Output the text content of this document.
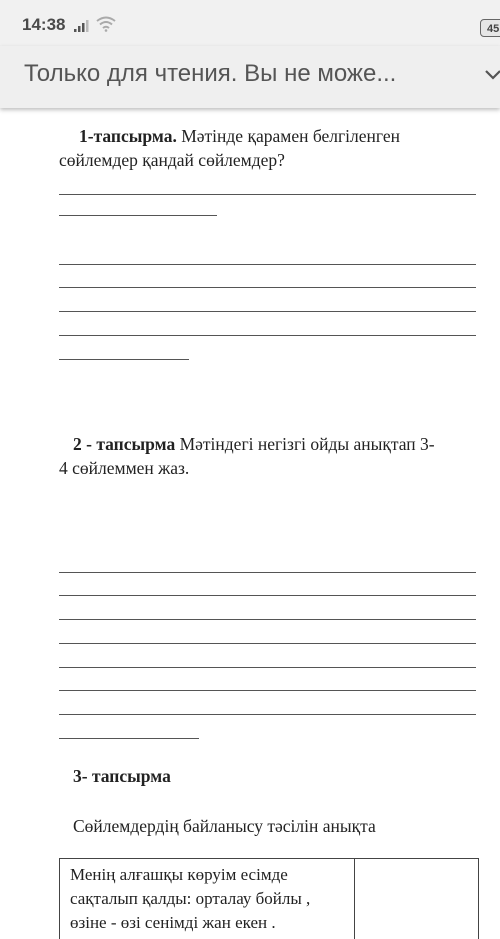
14:38	45
Только для чтения. Вы не може...
1-тапсырма. Мәтінде қарамен белгіленген
сөйлемдер қандай сөйлемдер?
2 - тапсырма Мәтіндегі негізгі ойды анықтап 3-
4 сөйлеммен жаз.
3- тапсырма
Сөйлемдердің байланысу тәсілін анықта
Менің алғашқы көруім есімде
сақталып қалды: орталау бойлы ,
өзіне - өзі сенімді жан екен .
